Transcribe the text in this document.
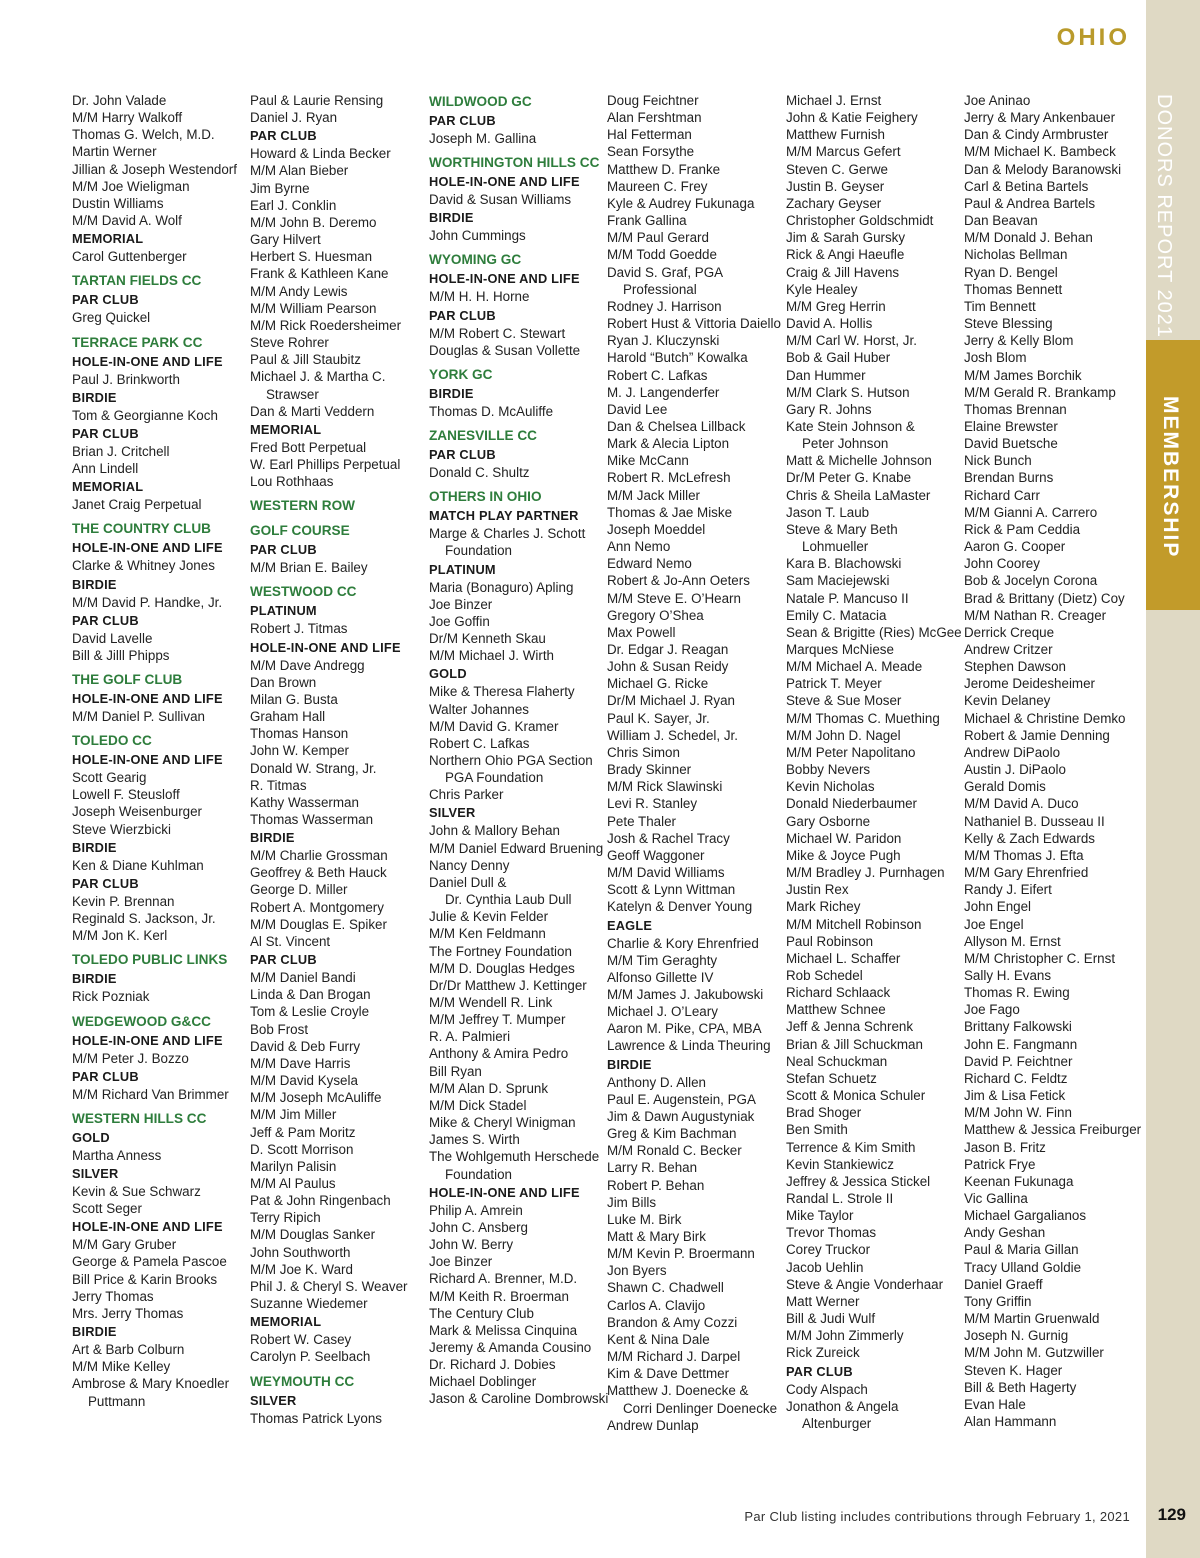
OHIO
DONORS REPORT 2021
MEMBERSHIP
Dr. John Valade
M/M Harry Walkoff
Thomas G. Welch, M.D.
Martin Werner
Jillian & Joseph Westendorf
M/M Joe Wieligman
Dustin Williams
M/M David A. Wolf
MEMORIAL
Carol Guttenberger
TARTAN FIELDS CC
PAR CLUB
Greg Quickel
TERRACE PARK CC
HOLE-IN-ONE AND LIFE
Paul J. Brinkworth
BIRDIE
Tom & Georgianne Koch
PAR CLUB
Brian J. Critchell
Ann Lindell
MEMORIAL
Janet Craig Perpetual
THE COUNTRY CLUB
HOLE-IN-ONE AND LIFE
Clarke & Whitney Jones
BIRDIE
M/M David P. Handke, Jr.
PAR CLUB
David Lavelle
Bill & Jilll Phipps
THE GOLF CLUB
HOLE-IN-ONE AND LIFE
M/M Daniel P. Sullivan
TOLEDO CC
HOLE-IN-ONE AND LIFE
Scott Gearig
Lowell F. Steusloff
Joseph Weisenburger
Steve Wierzbicki
BIRDIE
Ken & Diane Kuhlman
PAR CLUB
Kevin P. Brennan
Reginald S. Jackson, Jr.
M/M Jon K. Kerl
TOLEDO PUBLIC LINKS
BIRDIE
Rick Pozniak
WEDGEWOOD G&CC
HOLE-IN-ONE AND LIFE
M/M Peter J. Bozzo
PAR CLUB
M/M Richard Van Brimmer
WESTERN HILLS CC
GOLD
Martha Anness
SILVER
Kevin & Sue Schwarz
Scott Seger
HOLE-IN-ONE AND LIFE
M/M Gary Gruber
George & Pamela Pascoe
Bill Price & Karin Brooks
Jerry Thomas
Mrs. Jerry Thomas
BIRDIE
Art & Barb Colburn
M/M Mike Kelley
Ambrose & Mary Knoedler
Puttmann
Paul & Laurie Rensing
Daniel J. Ryan
PAR CLUB
Howard & Linda Becker
M/M Alan Bieber
Jim Byrne
Earl J. Conklin
M/M John B. Deremo
Gary Hilvert
Herbert S. Huesman
Frank & Kathleen Kane
M/M Andy Lewis
M/M William Pearson
M/M Rick Roedersheimer
Steve Rohrer
Paul & Jill Staubitz
Michael J. & Martha C.
Strawser
Dan & Marti Veddern
MEMORIAL
Fred Bott Perpetual
W. Earl Phillips Perpetual
Lou Rothhaas
WESTERN ROW
GOLF COURSE
PAR CLUB
M/M Brian E. Bailey
WESTWOOD CC
PLATINUM
Robert J. Titmas
HOLE-IN-ONE AND LIFE
M/M Dave Andregg
Dan Brown
Milan G. Busta
Graham Hall
Thomas Hanson
John W. Kemper
Donald W. Strang, Jr.
R. Titmas
Kathy Wasserman
Thomas Wasserman
BIRDIE
M/M Charlie Grossman
Geoffrey & Beth Hauck
George D. Miller
Robert A. Montgomery
M/M Douglas E. Spiker
Al St. Vincent
PAR CLUB
M/M Daniel Bandi
Linda & Dan Brogan
Tom & Leslie Croyle
Bob Frost
David & Deb Furry
M/M Dave Harris
M/M David Kysela
M/M Joseph McAuliffe
M/M Jim Miller
Jeff & Pam Moritz
D. Scott Morrison
Marilyn Palisin
M/M Al Paulus
Pat & John Ringenbach
Terry Ripich
M/M Douglas Sanker
John Southworth
M/M Joe K. Ward
Phil J. & Cheryl S. Weaver
Suzanne Wiedemer
MEMORIAL
Robert W. Casey
Carolyn P. Seelbach
WEYMOUTH CC
SILVER
Thomas Patrick Lyons
WILDWOOD GC
PAR CLUB
Joseph M. Gallina
WORTHINGTON HILLS CC
HOLE-IN-ONE AND LIFE
David & Susan Williams
BIRDIE
John Cummings
WYOMING GC
HOLE-IN-ONE AND LIFE
M/M H. H. Horne
PAR CLUB
M/M Robert C. Stewart
Douglas & Susan Vollette
YORK GC
BIRDIE
Thomas D. McAuliffe
ZANESVILLE CC
PAR CLUB
Donald C. Shultz
OTHERS IN OHIO
MATCH PLAY PARTNER
Marge & Charles J. Schott
Foundation
PLATINUM
Maria (Bonaguro) Apling
Joe Binzer
Joe Goffin
Dr/M Kenneth Skau
M/M Michael J. Wirth
GOLD
Mike & Theresa Flaherty
Walter Johannes
M/M David G. Kramer
Robert C. Lafkas
Northern Ohio PGA Section
PGA Foundation
Chris Parker
SILVER
John & Mallory Behan
M/M Daniel Edward Bruening
Nancy Denny
Daniel Dull &
Dr. Cynthia Laub Dull
Julie & Kevin Felder
M/M Ken Feldmann
The Fortney Foundation
M/M D. Douglas Hedges
Dr/Dr Matthew J. Kettinger
M/M Wendell R. Link
M/M Jeffrey T. Mumper
R. A. Palmieri
Anthony & Amira Pedro
Bill Ryan
M/M Alan D. Sprunk
M/M Dick Stadel
Mike & Cheryl Winigman
James S. Wirth
The Wohlgemuth Herschede
Foundation
HOLE-IN-ONE AND LIFE
Philip A. Amrein
John C. Ansberg
John W. Berry
Joe Binzer
Richard A. Brenner, M.D.
M/M Keith R. Broerman
The Century Club
Mark & Melissa Cinquina
Jeremy & Amanda Cousino
Dr. Richard J. Dobies
Michael Doblinger
Jason & Caroline Dombrowski
Doug Feichtner
Alan Fershtman
Hal Fetterman
Sean Forsythe
Matthew D. Franke
Maureen C. Frey
Kyle & Audrey Fukunaga
Frank Gallina
M/M Paul Gerard
M/M Todd Goedde
David S. Graf, PGA
Professional
Rodney J. Harrison
Robert Hust & Vittoria Daiello
Ryan J. Kluczynski
Harold “Butch” Kowalka
Robert C. Lafkas
M. J. Langenderfer
David Lee
Dan & Chelsea Lillback
Mark & Alecia Lipton
Mike McCann
Robert R. McLefresh
M/M Jack Miller
Thomas & Jae Miske
Joseph Moeddel
Ann Nemo
Edward Nemo
Robert & Jo-Ann Oeters
M/M Steve E. O’Hearn
Gregory O’Shea
Max Powell
Dr. Edgar J. Reagan
John & Susan Reidy
Michael G. Ricke
Dr/M Michael J. Ryan
Paul K. Sayer, Jr.
William J. Schedel, Jr.
Chris Simon
Brady Skinner
M/M Rick Slawinski
Levi R. Stanley
Pete Thaler
Josh & Rachel Tracy
Geoff Waggoner
M/M David Williams
Scott & Lynn Wittman
Katelyn & Denver Young
EAGLE
Charlie & Kory Ehrenfried
M/M Tim Geraghty
Alfonso Gillette IV
M/M James J. Jakubowski
Michael J. O’Leary
Aaron M. Pike, CPA, MBA
Lawrence & Linda Theuring
BIRDIE
Anthony D. Allen
Paul E. Augenstein, PGA
Jim & Dawn Augustyniak
Greg & Kim Bachman
M/M Ronald C. Becker
Larry R. Behan
Robert P. Behan
Jim Bills
Luke M. Birk
Matt & Mary Birk
M/M Kevin P. Broermann
Jon Byers
Shawn C. Chadwell
Carlos A. Clavijo
Brandon & Amy Cozzi
Kent & Nina Dale
M/M Richard J. Darpel
Kim & Dave Dettmer
Matthew J. Doenecke &
Corri Denlinger Doenecke
Andrew Dunlap
Michael J. Ernst
John & Katie Feighery
Matthew Furnish
M/M Marcus Gefert
Steven C. Gerwe
Justin B. Geyser
Zachary Geyser
Christopher Goldschmidt
Jim & Sarah Gursky
Rick & Angi Haeufle
Craig & Jill Havens
Kyle Healey
M/M Greg Herrin
David A. Hollis
M/M Carl W. Horst, Jr.
Bob & Gail Huber
Dan Hummer
M/M Clark S. Hutson
Gary R. Johns
Kate Stein Johnson &
Peter Johnson
Matt & Michelle Johnson
Dr/M Peter G. Knabe
Chris & Sheila LaMaster
Jason T. Laub
Steve & Mary Beth
Lohmueller
Kara B. Blachowski
Sam Maciejewski
Natale P. Mancuso II
Emily C. Matacia
Sean & Brigitte (Ries) McGee
Marques McNiese
M/M Michael A. Meade
Patrick T. Meyer
Steve & Sue Moser
M/M Thomas C. Muething
M/M John D. Nagel
M/M Peter Napolitano
Bobby Nevers
Kevin Nicholas
Donald Niederbaumer
Gary Osborne
Michael W. Paridon
Mike & Joyce Pugh
M/M Bradley J. Purnhagen
Justin Rex
Mark Richey
M/M Mitchell Robinson
Paul Robinson
Michael L. Schaffer
Rob Schedel
Richard Schlaack
Matthew Schnee
Jeff & Jenna Schrenk
Brian & Jill Schuckman
Neal Schuckman
Stefan Schuetz
Scott & Monica Schuler
Brad Shoger
Ben Smith
Terrence & Kim Smith
Kevin Stankiewicz
Jeffrey & Jessica Stickel
Randal L. Strole II
Mike Taylor
Trevor Thomas
Corey Truckor
Jacob Uehlin
Steve & Angie Vonderhaar
Matt Werner
Bill & Judi Wulf
M/M John Zimmerly
Rick Zureick
PAR CLUB
Cody Alspach
Jonathon & Angela
Altenburger
Joe Aninao
Jerry & Mary Ankenbauer
Dan & Cindy Armbruster
M/M Michael K. Bambeck
Dan & Melody Baranowski
Carl & Betina Bartels
Paul & Andrea Bartels
Dan Beavan
M/M Donald J. Behan
Nicholas Bellman
Ryan D. Bengel
Thomas Bennett
Tim Bennett
Steve Blessing
Jerry & Kelly Blom
Josh Blom
M/M James Borchik
M/M Gerald R. Brankamp
Thomas Brennan
Elaine Brewster
David Buetsche
Nick Bunch
Brendan Burns
Richard Carr
M/M Gianni A. Carrero
Rick & Pam Ceddia
Aaron G. Cooper
John Coorey
Bob & Jocelyn Corona
Brad & Brittany (Dietz) Coy
M/M Nathan R. Creager
Derrick Creque
Andrew Critzer
Stephen Dawson
Jerome Deidesheimer
Kevin Delaney
Michael & Christine Demko
Robert & Jamie Denning
Andrew DiPaolo
Austin J. DiPaolo
Gerald Domis
M/M David A. Duco
Nathaniel B. Dusseau II
Kelly & Zach Edwards
M/M Thomas J. Efta
M/M Gary Ehrenfried
Randy J. Eifert
John Engel
Joe Engel
Allyson M. Ernst
M/M Christopher C. Ernst
Sally H. Evans
Thomas R. Ewing
Joe Fago
Brittany Falkowski
John E. Fangmann
David P. Feichtner
Richard C. Feldtz
Jim & Lisa Fetick
M/M John W. Finn
Matthew & Jessica Freiburger
Jason B. Fritz
Patrick Frye
Keenan Fukunaga
Vic Gallina
Michael Gargalianos
Andy Geshan
Paul & Maria Gillan
Tracy Ulland Goldie
Daniel Graeff
Tony Griffin
M/M Martin Gruenwald
Joseph N. Gurnig
M/M John M. Gutzwiller
Steven K. Hager
Bill & Beth Hagerty
Evan Hale
Alan Hammann
Par Club listing includes contributions through February 1, 2021 129
